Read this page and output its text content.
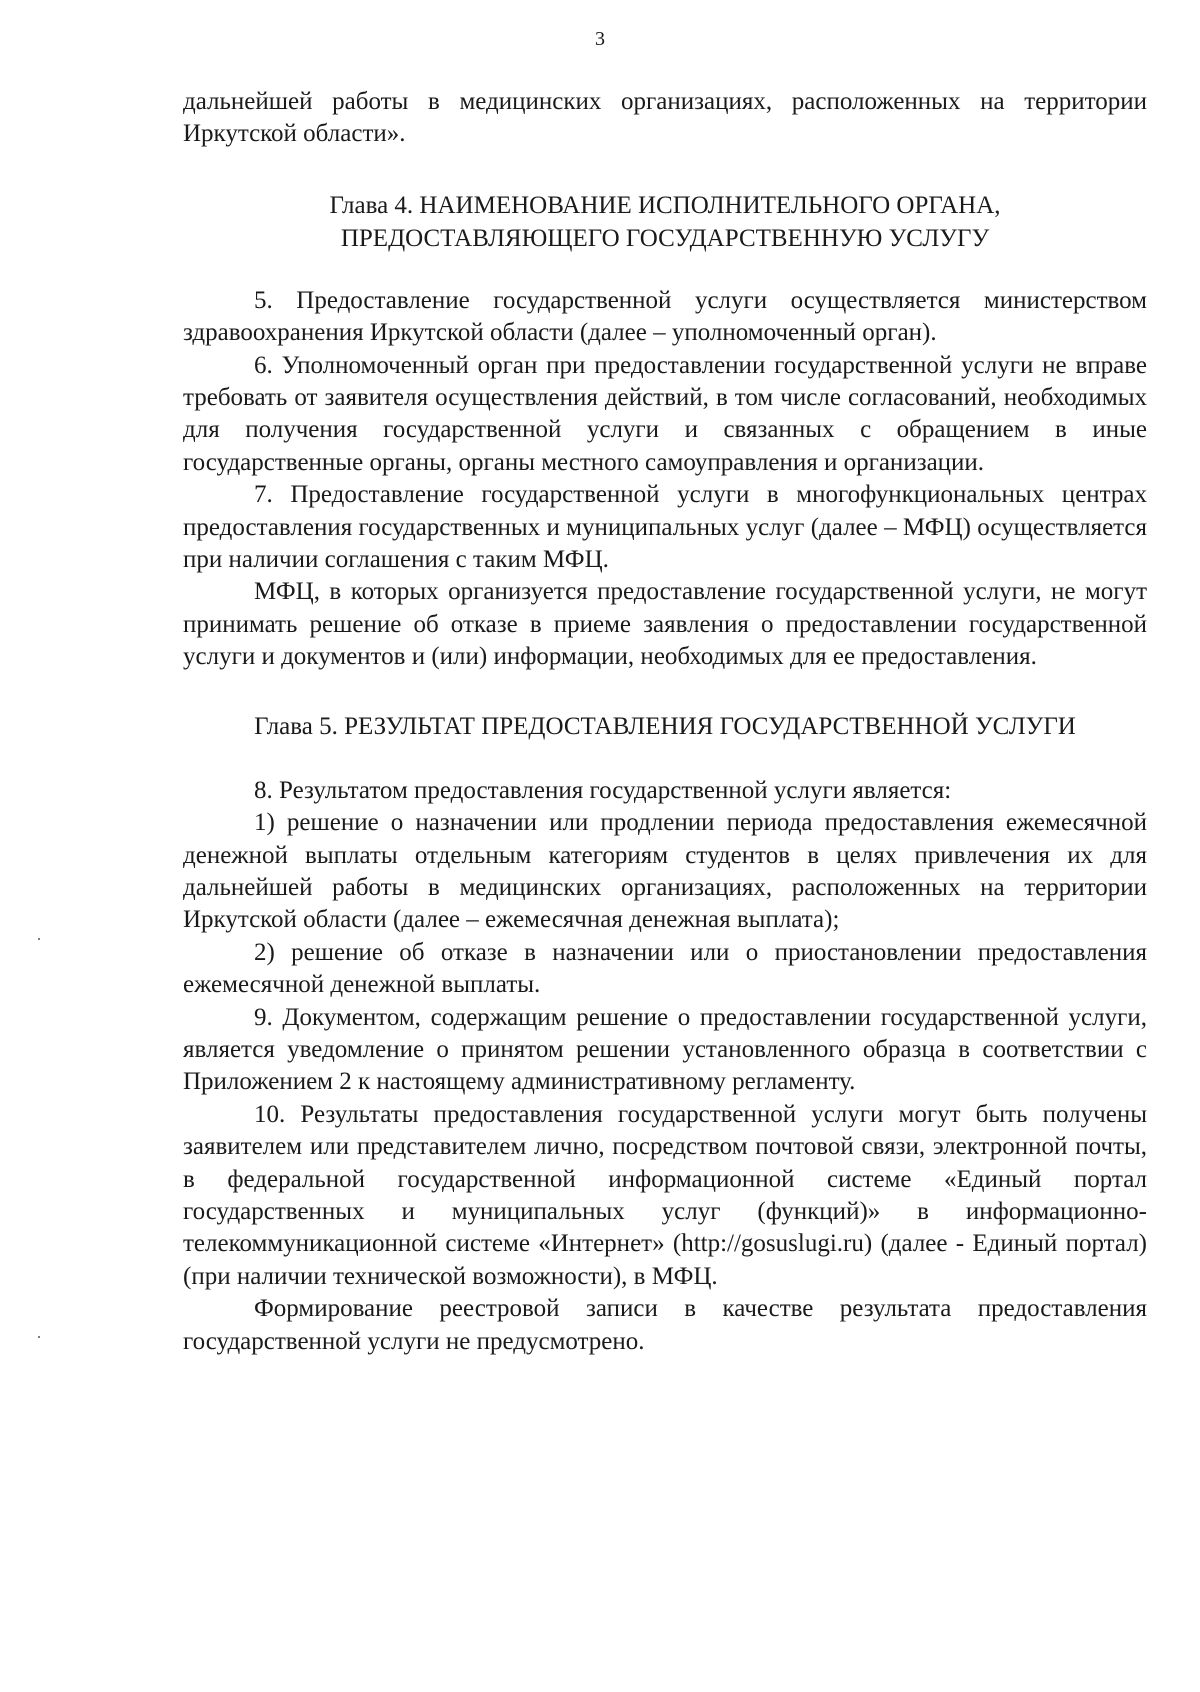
3

дальнейшей работы в медицинских организациях, расположенных на территории Иркутской области».

Глава 4. НАИМЕНОВАНИЕ ИСПОЛНИТЕЛЬНОГО ОРГАНА,
ПРЕДОСТАВЛЯЮЩЕГО ГОСУДАРСТВЕННУЮ УСЛУГУ

5. Предоставление государственной услуги осуществляется министерством здравоохранения Иркутской области (далее – уполномоченный орган).

6. Уполномоченный орган при предоставлении государственной услуги не вправе требовать от заявителя осуществления действий, в том числе согласований, необходимых для получения государственной услуги и связанных с обращением в иные государственные органы, органы местного самоуправления и организации.

7. Предоставление государственной услуги в многофункциональных центрах предоставления государственных и муниципальных услуг (далее – МФЦ) осуществляется при наличии соглашения с таким МФЦ.

МФЦ, в которых организуется предоставление государственной услуги, не могут принимать решение об отказе в приеме заявления о предоставлении государственной услуги и документов и (или) информации, необходимых для ее предоставления.

Глава 5. РЕЗУЛЬТАТ ПРЕДОСТАВЛЕНИЯ ГОСУДАРСТВЕННОЙ УСЛУГИ

8. Результатом предоставления государственной услуги является:

1) решение о назначении или продлении периода предоставления ежемесячной денежной выплаты отдельным категориям студентов в целях привлечения их для дальнейшей работы в медицинских организациях, расположенных на территории Иркутской области (далее – ежемесячная денежная выплата);

2) решение об отказе в назначении или о приостановлении предоставления ежемесячной денежной выплаты.

9. Документом, содержащим решение о предоставлении государственной услуги, является уведомление о принятом решении установленного образца в соответствии с Приложением 2 к настоящему административному регламенту.

10. Результаты предоставления государственной услуги могут быть получены заявителем или представителем лично, посредством почтовой связи, электронной почты, в федеральной государственной информационной системе «Единый портал государственных и муниципальных услуг (функций)» в информационно-телекоммуникационной системе «Интернет» (http://gosuslugi.ru) (далее - Единый портал) (при наличии технической возможности), в МФЦ.

Формирование реестровой записи в качестве результата предоставления государственной услуги не предусмотрено.
